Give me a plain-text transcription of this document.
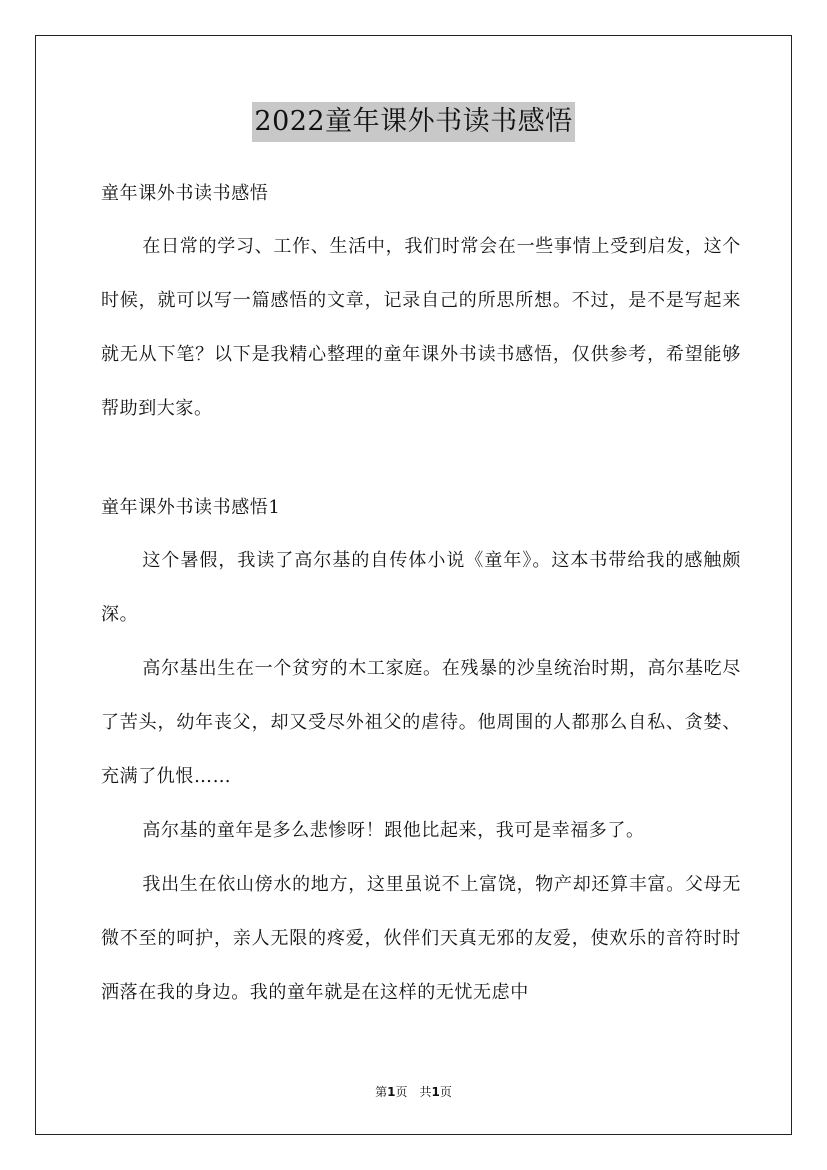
2022童年课外书读书感悟

童年课外书读书感悟

在日常的学习、工作、生活中，我们时常会在一些事情上受到启发，这个时候，就可以写一篇感悟的文章，记录自己的所思所想。不过，是不是写起来就无从下笔？以下是我精心整理的童年课外书读书感悟，仅供参考，希望能够帮助到大家。

童年课外书读书感悟1

这个暑假，我读了高尔基的自传体小说《童年》。这本书带给我的感触颇深。

高尔基出生在一个贫穷的木工家庭。在残暴的沙皇统治时期，高尔基吃尽了苦头，幼年丧父，却又受尽外祖父的虐待。他周围的人都那么自私、贪婪、充满了仇恨……

高尔基的童年是多么悲惨呀！跟他比起来，我可是幸福多了。

我出生在依山傍水的地方，这里虽说不上富饶，物产却还算丰富。父母无微不至的呵护，亲人无限的疼爱，伙伴们天真无邪的友爱，使欢乐的音符时时洒落在我的身边。我的童年就是在这样的无忧无虑中

第1页 共1页
